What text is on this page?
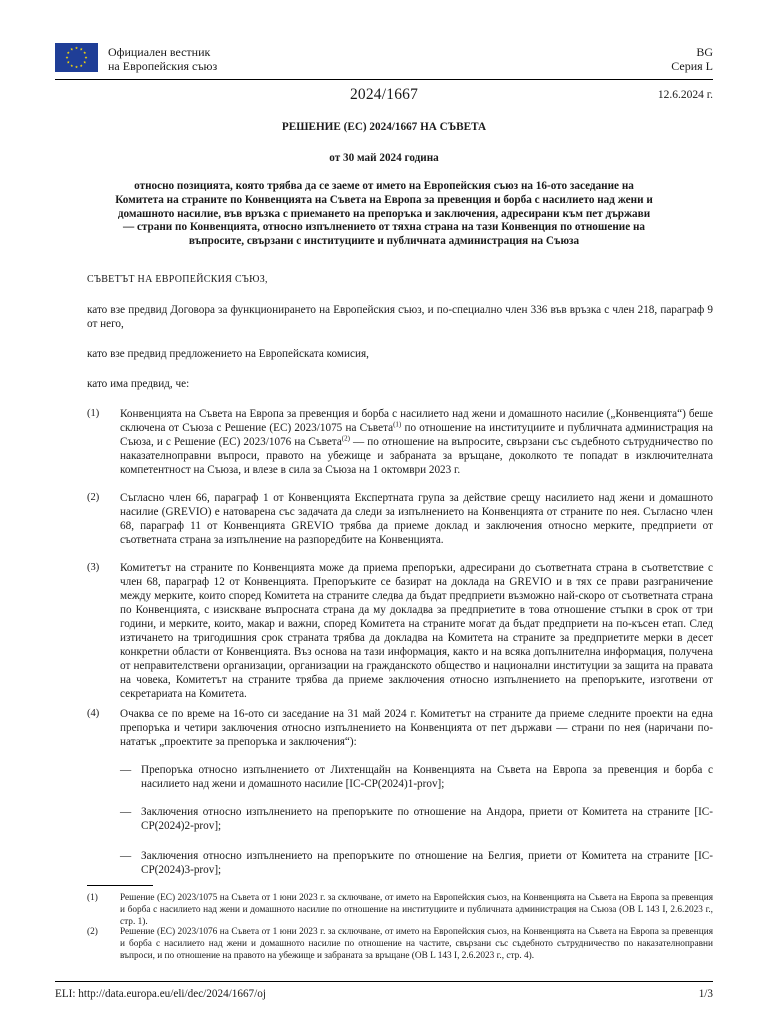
Официален вестник
на Европейския съюз
BG
Серия L
2024/1667	12.6.2024 г.
РЕШЕНИЕ (ЕС) 2024/1667 НА СЪВЕТА
от 30 май 2024 година
относно позицията, която трябва да се заеме от името на Европейския съюз на 16-ото заседание на Комитета на страните по Конвенцията на Съвета на Европа за превенция и борба с насилието над жени и домашното насилие, във връзка с приемането на препоръка и заключения, адресирани към пет държави — страни по Конвенцията, относно изпълнението от тяхна страна на тази Конвенция по отношение на въпросите, свързани с институциите и публичната администрация на Съюза
СЪВЕТЪТ НА ЕВРОПЕЙСКИЯ СЪЮЗ,
като взе предвид Договора за функционирането на Европейския съюз, и по-специално член 336 във връзка с член 218, параграф 9 от него,
като взе предвид предложението на Европейската комисия,
като има предвид, че:
(1)	Конвенцията на Съвета на Европа за превенция и борба с насилието над жени и домашното насилие („Конвенцията“) беше сключена от Съюза с Решение (ЕС) 2023/1075 на Съвета$^{(1)}$ по отношение на институциите и публичната администрация на Съюза, и с Решение (ЕС) 2023/1076 на Съвета$^{(2)}$ — по отношение на въпросите, свързани със съдебното сътрудничество по наказателноправни въпроси, правото на убежище и забраната за връщане, доколкото те попадат в изключителната компетентност на Съюза, и влезе в сила за Съюза на 1 октомври 2023 г.
(2)	Съгласно член 66, параграф 1 от Конвенцията Експертната група за действие срещу насилието над жени и домашното насилие (GREVIO) е натоварена със задачата да следи за изпълнението на Конвенцията от страните по нея. Съгласно член 68, параграф 11 от Конвенцията GREVIO трябва да приеме доклад и заключения относно мерките, предприети от съответната страна за изпълнение на разпоредбите на Конвенцията.
(3)	Комитетът на страните по Конвенцията може да приема препоръки, адресирани до съответната страна в съответствие с член 68, параграф 12 от Конвенцията. Препоръките се базират на доклада на GREVIO и в тях се прави разграничение между мерките, които според Комитета на страните следва да бъдат предприети възможно най-скоро от съответната страна по Конвенцията, с изискване въпросната страна да му докладва за предприетите в това отношение стъпки в срок от три години, и мерките, които, макар и важни, според Комитета на страните могат да бъдат предприети на по-късен етап. След изтичането на тригодишния срок страната трябва да докладва на Комитета на страните за предприетите мерки в десет конкретни области от Конвенцията. Въз основа на тази информация, както и на всяка допълнителна информация, получена от неправителствени организации, организации на гражданското общество и национални институции за защита на правата на човека, Комитетът на страните трябва да приеме заключения относно изпълнението на препоръките, изготвени от секретариата на Комитета.
(4)	Очаква се по време на 16-ото си заседание на 31 май 2024 г. Комитетът на страните да приеме следните проекти на една препоръка и четири заключения относно изпълнението на Конвенцията от пет държави — страни по нея (наричани по-нататък „проектите за препоръка и заключения“):
— Препоръка относно изпълнението от Лихтенщайн на Конвенцията на Съвета на Европа за превенция и борба с насилието над жени и домашното насилие [IC-CP(2024)1-prov];
— Заключения относно изпълнението на препоръките по отношение на Андора, приети от Комитета на страните [IC-CP(2024)2-prov];
— Заключения относно изпълнението на препоръките по отношение на Белгия, приети от Комитета на страните [IC-CP(2024)3-prov];
(1) Решение (ЕС) 2023/1075 на Съвета от 1 юни 2023 г. за сключване, от името на Европейския съюз, на Конвенцията на Съвета на Европа за превенция и борба с насилието над жени и домашното насилие по отношение на институциите и публичната администрация на Съюза (ОВ L 143 I, 2.6.2023 г., стр. 1).
(2) Решение (ЕС) 2023/1076 на Съвета от 1 юни 2023 г. за сключване, от името на Европейския съюз, на Конвенцията на Съвета на Европа за превенция и борба с насилието над жени и домашното насилие по отношение на частите, свързани със съдебното сътрудничество по наказателноправни въпроси, и по отношение на правото на убежище и забраната за връщане (ОВ L 143 I, 2.6.2023 г., стр. 4).
ELI: http://data.europa.eu/eli/dec/2024/1667/oj	1/3
